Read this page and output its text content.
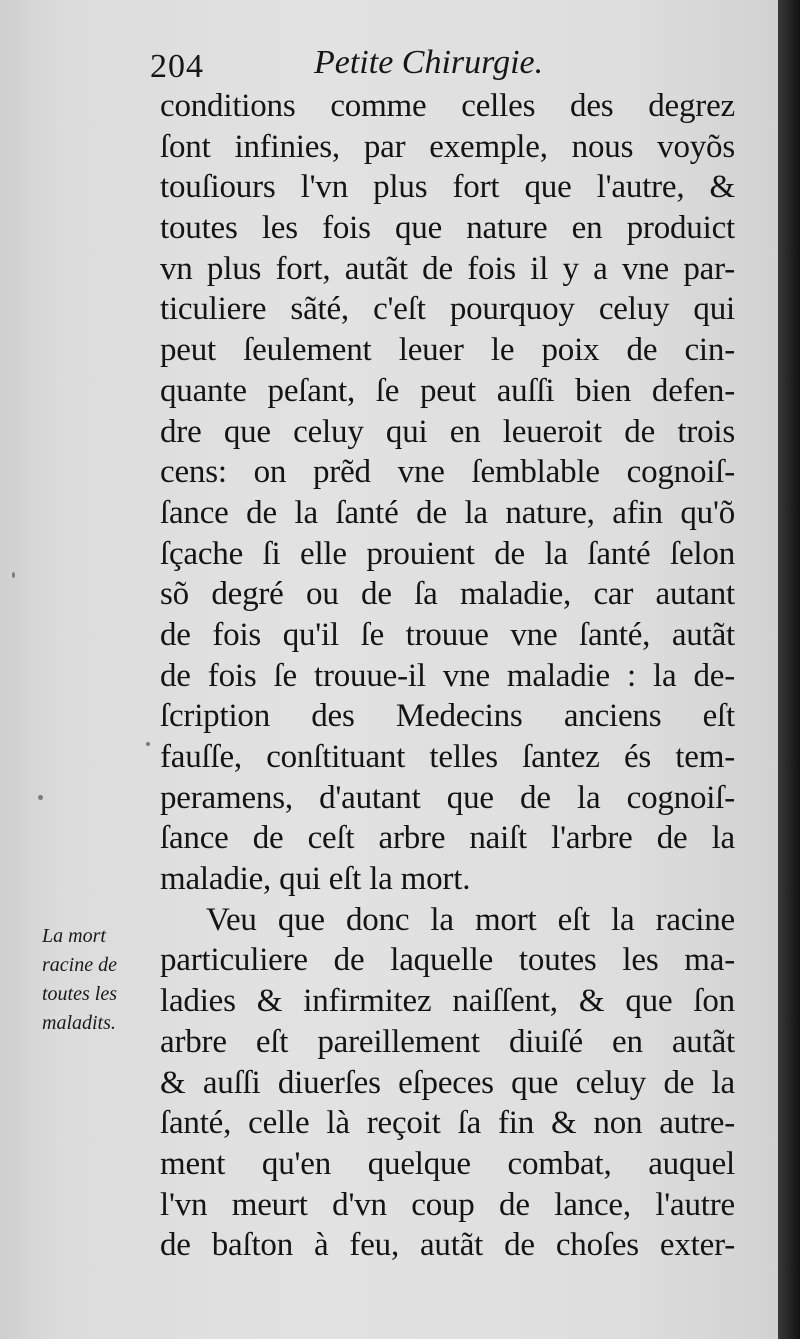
204	Petite Chirurgie.
conditions comme celles des degrez
ſont infinies, par exemple, nous voyõs
touſiours l'vn plus fort que l'autre, &
toutes les fois que nature en produict
vn plus fort, autãt de fois il y a vne par-
ticuliere sãté, c'eſt pourquoy celuy qui
peut ſeulement leuer le poix de cin-
quante peſant, ſe peut auſſi bien defen-
dre que celuy qui en leueroit de trois
cens: on prẽd vne ſemblable cognoiſ-
ſance de la ſanté de la nature, afin qu'õ
ſçache ſi elle prouient de la ſanté ſelon
sõ degré ou de ſa maladie, car autant
de fois qu'il ſe trouue vne ſanté, autãt
de fois ſe trouue-il vne maladie : la de-
ſcription des Medecins anciens eſt
fauſſe, conſtituant telles ſantez és tem-
peramens, d'autant que de la cognoiſ-
ſance de ceſt arbre naiſt l'arbre de la
maladie, qui eſt la mort.
Veu que donc la mort eſt la racine
particuliere de laquelle toutes les ma-
ladies & infirmitez naiſſent, & que ſon
arbre eſt pareillement diuiſé en autãt
& auſſi diuerſes eſpeces que celuy de la
ſanté, celle là reçoit ſa fin & non autre-
ment qu'en quelque combat, auquel
l'vn meurt d'vn coup de lance, l'autre
de baſton à feu, autãt de choſes exter-
La mort
racine de
toutes les
maladits.
